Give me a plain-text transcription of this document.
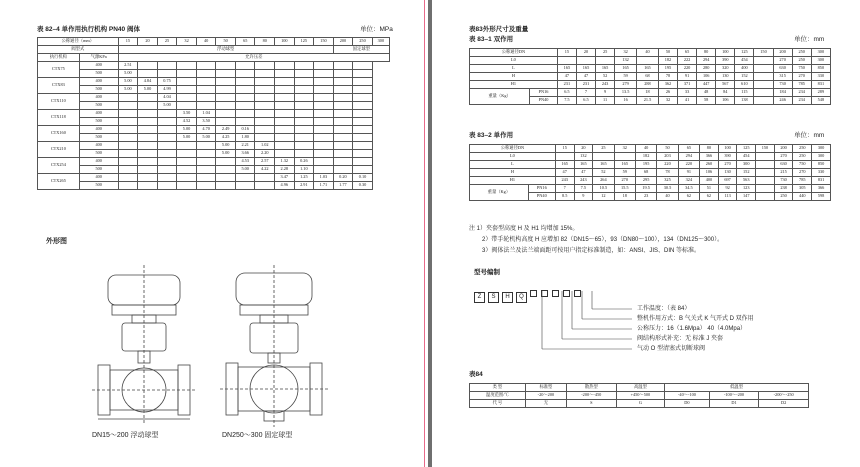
表 82–4 单作用执行机构 PN40 阀体	单位：MPa
公称通径（mm）		15	20	25	32	40	50	65	80	100	125	150	200	250	300
阀型式		浮动球型											固定球型		
执行机构	气源KPa	允许压差													
CTX75	400	2.51													
	500	5.00													
CTX83	400	5.00	4.84	0.75											
	500	5.00	5.00	4.99											
CTX110	400			4.04											
	500			5.00											
CTX118	400				3.50	1.04									
	500				4.52	3.50									
CTX160	400				5.00	4.70	2.49	0.16							
	500				5.00	5.00	4.25	1.80							
CTX210	400						5.00	2.21	1.02						
	500						5.00	3.66	2.20						
CTX254	400							4.53	2.57	1.32	0.26				
	500							5.00	4.22	2.28	1.10				
CTX265	400									3.47	1.25	1.03	0.20	0.10	
	500									4.96	2.91	1.71	1.77	0.30	
外形图
DN15～200 浮动球型	DN250～300 固定球型
表83外形尺寸及重量
表 83–1 双作用	单位：mm
公称通径DN		15	20	25	32	40	50	65	80	100	125	150	200	250	300
L0					132		182	222	294	390	454		270	250	300
L		165	165	165	165	165	195	220	280	320	400		630	750	850
H		47	47	52	59	68	78	91	106	130	152		315	270	330
H1		231	231	243	279	288	362	371	447	567	610		730	785	831
重量（Kg）	PN16	6.5	7	9	13.5	18	26	33	48	84	115		184	234	289
	PN40	7.5	6.5	11	16	21.5	32	41	58	106	138		246	234	548
表 83–2 单作用	单位：mm
公称通径DN		15	20	25	32	40	50	65	80	100	125	150	200	250	300
L0			132			182	203	294	366	390	454		270	250	300
L		165	165	165	165	195	220	220	260	270	300		630	750	850
H		47	47	52	59	68	78	91	106	130	152		215	270	330
H1		243	243	264	270	295	325	324	400	697	563		730	785	831
重量（Kg）	PN16	7	7.5	10.5	15.5	19.5	30.5	34.5	51	92	123		238	305	366
	PN40	8.5	9	12	18	23	40	62	62	113	147		250	440	598
注 1）夹套型高度 H 及 H1 均增加 15%。
2）带手轮机构高度 H 应增加 82（DN15～65），93（DN80～100），134（DN125～300）。
3）阀体法兰及法兰端面距可按用户指定标准制造，如：ANSI、JIS、DIN 等标准。
型号编制
Z S H Q
工作温度：（表 84）
整机作用方式：B 气关式 K 气开式 D 双作用
公称压力：16（1.6Mpa） 40（4.0Mpa）
阀结构形式补充：无 标准 J 夹套
气动 O 型清塞式切断球阀
表84
类 型	标准型	散热型	高温型	低温型		
温度范围/℃	-20～200	-200～-450	+450～500	-40～-100	-100～-200	-200～-250
代 号	无	S	G	D0	D1	D2
